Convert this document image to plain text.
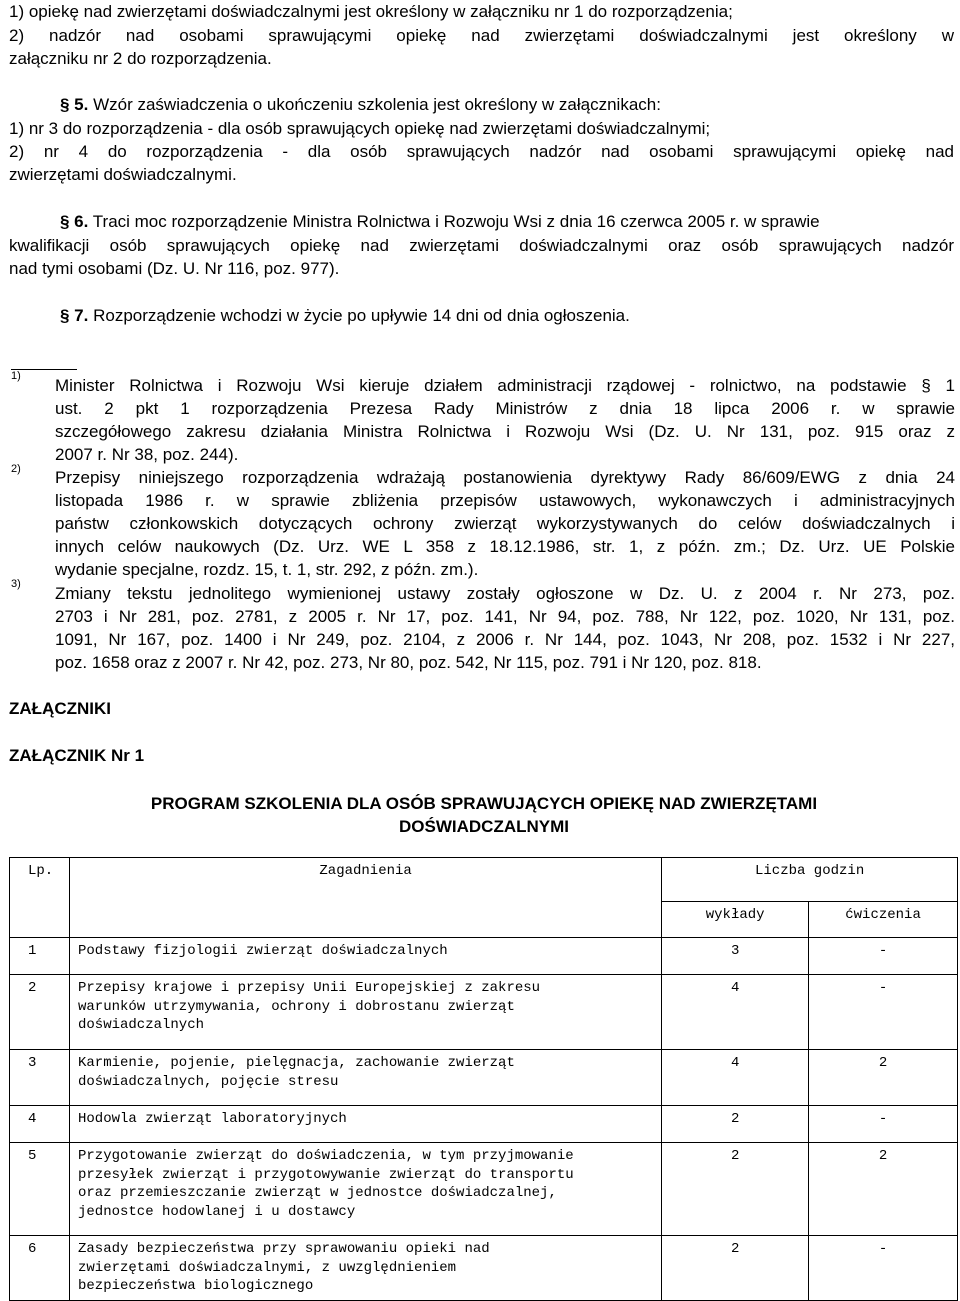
1) opiekę nad zwierzętami doświadczalnymi jest określony w załączniku nr 1 do rozporządzenia;
2) nadzór nad osobami sprawującymi opiekę nad zwierzętami doświadczalnymi jest określony w
załączniku nr 2 do rozporządzenia.
§ 5. Wzór zaświadczenia o ukończeniu szkolenia jest określony w załącznikach:
1) nr 3 do rozporządzenia - dla osób sprawujących opiekę nad zwierzętami doświadczalnymi;
2) nr 4 do rozporządzenia - dla osób sprawujących nadzór nad osobami sprawującymi opiekę nad
zwierzętami doświadczalnymi.
§ 6. Traci moc rozporządzenie Ministra Rolnictwa i Rozwoju Wsi z dnia 16 czerwca 2005 r. w sprawie
kwalifikacji osób sprawujących opiekę nad zwierzętami doświadczalnymi oraz osób sprawujących nadzór
nad tymi osobami (Dz. U. Nr 116, poz. 977).
§ 7. Rozporządzenie wchodzi w życie po upływie 14 dni od dnia ogłoszenia.
1) Minister Rolnictwa i Rozwoju Wsi kieruje działem administracji rządowej - rolnictwo, na podstawie § 1
ust. 2 pkt 1 rozporządzenia Prezesa Rady Ministrów z dnia 18 lipca 2006 r. w sprawie
szczegółowego zakresu działania Ministra Rolnictwa i Rozwoju Wsi (Dz. U. Nr 131, poz. 915 oraz z
2007 r. Nr 38, poz. 244).
2) Przepisy niniejszego rozporządzenia wdrażają postanowienia dyrektywy Rady 86/609/EWG z dnia 24
listopada 1986 r. w sprawie zbliżenia przepisów ustawowych, wykonawczych i administracyjnych
państw członkowskich dotyczących ochrony zwierząt wykorzystywanych do celów doświadczalnych i
innych celów naukowych (Dz. Urz. WE L 358 z 18.12.1986, str. 1, z późn. zm.; Dz. Urz. UE Polskie
wydanie specjalne, rozdz. 15, t. 1, str. 292, z późn. zm.).
3) Zmiany tekstu jednolitego wymienionej ustawy zostały ogłoszone w Dz. U. z 2004 r. Nr 273, poz.
2703 i Nr 281, poz. 2781, z 2005 r. Nr 17, poz. 141, Nr 94, poz. 788, Nr 122, poz. 1020, Nr 131, poz.
1091, Nr 167, poz. 1400 i Nr 249, poz. 2104, z 2006 r. Nr 144, poz. 1043, Nr 208, poz. 1532 i Nr 227,
poz. 1658 oraz z 2007 r. Nr 42, poz. 273, Nr 80, poz. 542, Nr 115, poz. 791 i Nr 120, poz. 818.
ZAŁĄCZNIKI
ZAŁĄCZNIK Nr 1
PROGRAM SZKOLENIA DLA OSÓB SPRAWUJĄCYCH OPIEKĘ NAD ZWIERZĘTAMI
DOŚWIADCZALNYMI
Lp.	Zagadnienia	Liczba godzin	

		wykłady	ćwiczenia

1	Podstawy fizjologii zwierząt doświadczalnych	3	-

2	Przepisy krajowe i przepisy Unii Europejskiej z zakresu
warunków utrzymywania, ochrony i dobrostanu zwierząt
doświadczalnych	4	-

3	Karmienie, pojenie, pielęgnacja, zachowanie zwierząt
doświadczalnych, pojęcie stresu	4	2

4	Hodowla zwierząt laboratoryjnych	2	-

5	Przygotowanie zwierząt do doświadczenia, w tym przyjmowanie
przesyłek zwierząt i przygotowywanie zwierząt do transportu
oraz przemieszczanie zwierząt w jednostce doświadczalnej,
jednostce hodowlanej i u dostawcy	2	2

6	Zasady bezpieczeństwa przy sprawowaniu opieki nad
zwierzętami doświadczalnymi, z uwzględnieniem
bezpieczeństwa biologicznego	2	-
